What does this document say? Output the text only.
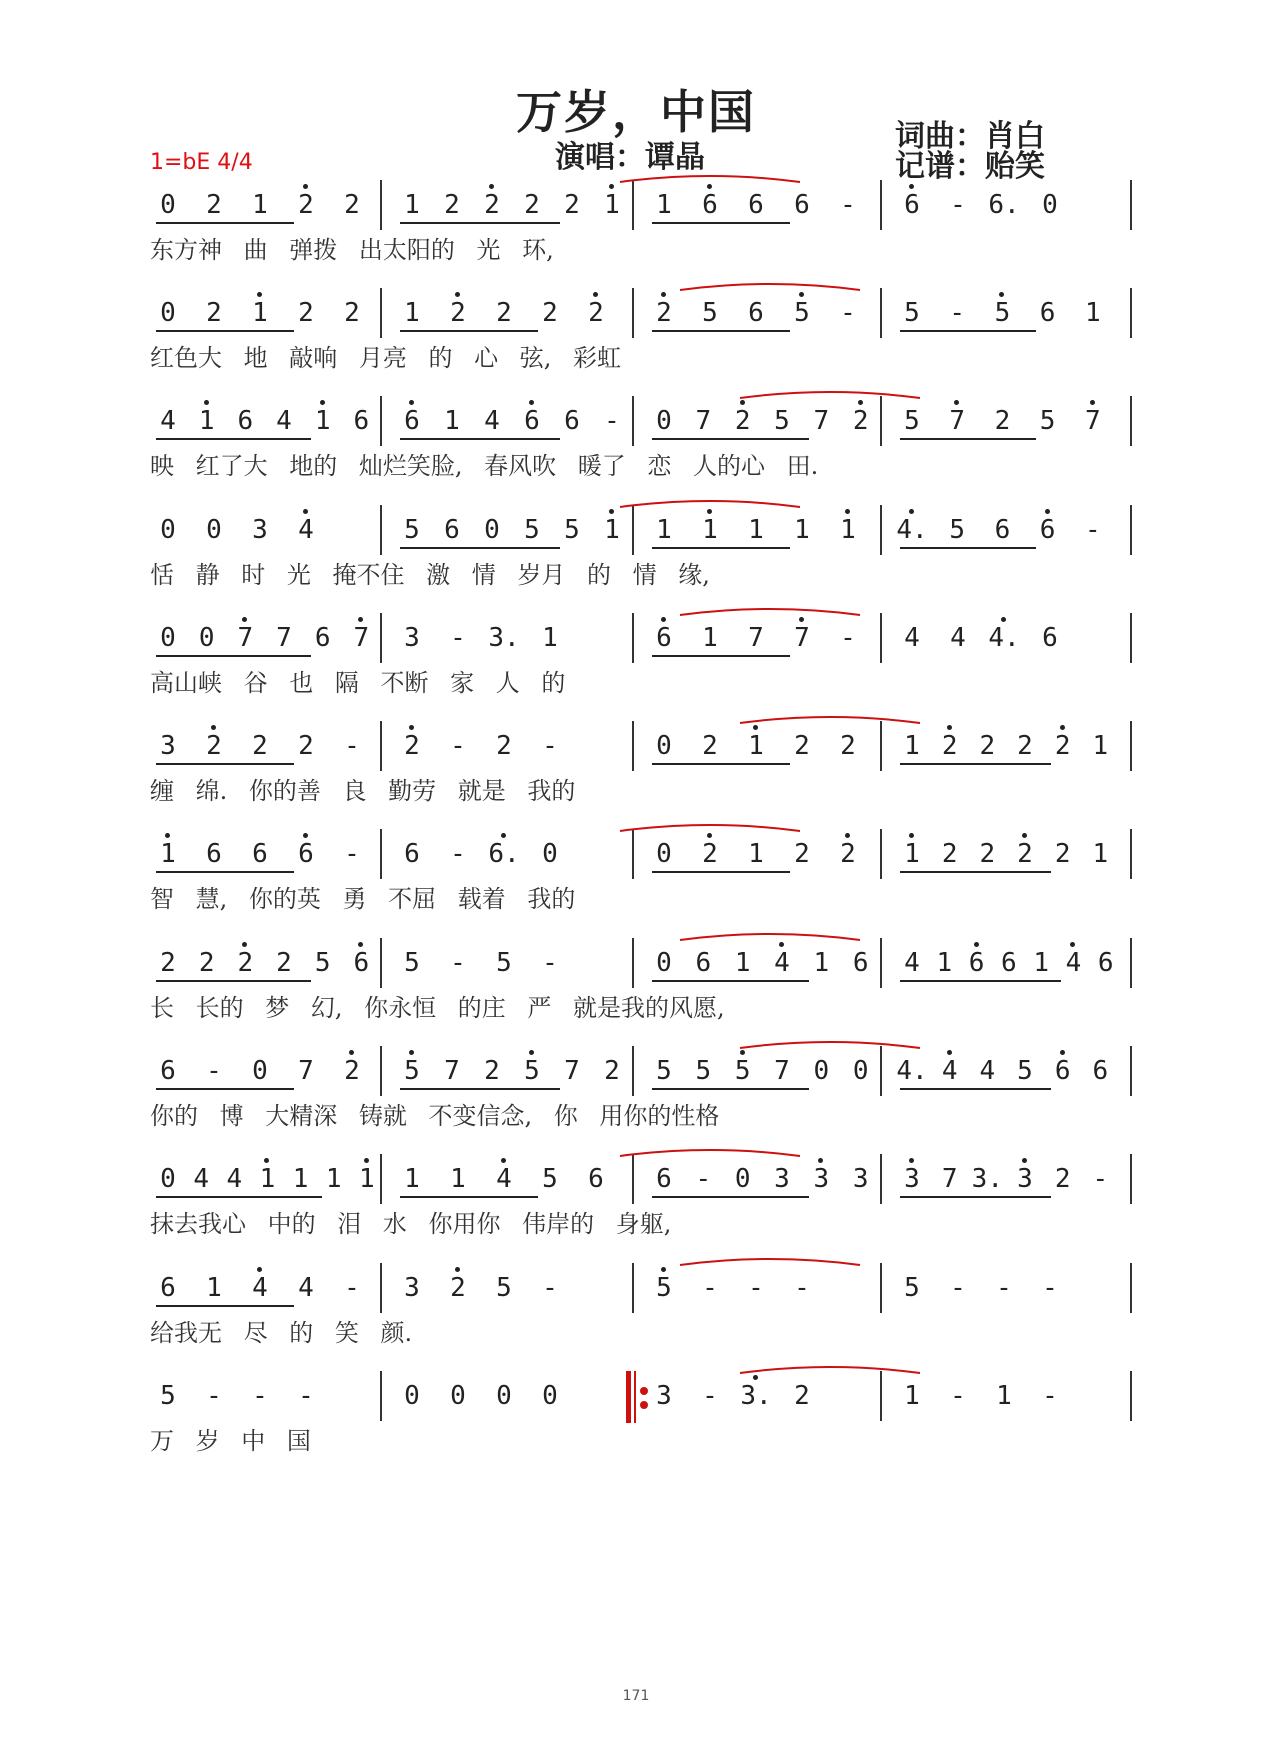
万岁，中国
演唱：谭晶
词曲：肖白
记谱：贻笑
1=bE 4/4
0	2	1	2	2	1 2 2 2 2 1	1	6	6	6	-	6	- 6. 0
东方神 曲 弹拨 出太阳的 光 环,
0	2	1	2	2	1	2	2	2	2	2	5	6	5	-	5	-	5	6	1
红色大 地 敲响 月亮 的 心 弦, 彩虹
4 1 6 4 1 6	6 1 4 6 6 -	0 7 2 5 7 2	5	7	2	5	7
映 红了大 地的 灿烂笑脸, 春风吹 暖了 恋 人的心 田.
0	0	3	4	5 6 0 5 5 1	1	1	1	1	1	4. 5	6	6	-
恬 静 时 光 掩不住 激 情 岁月 的 情 缘,
0 0 7 7 6 7	3	- 3. 1	6	1	7	7	-	4	4 4. 6
高山峡 谷 也 隔 不断 家 人 的
3	2	2	2	-	2	-	2	-	0	2	1	2	2	1 2 2 2 2 1
缠 绵. 你的善 良 勤劳 就是 我的
1	6	6	6	-	6	- 6. 0	0	2	1	2	2	1 2 2 2 2 1
智 慧, 你的英 勇 不屈 载着 我的
2 2 2 2 5 6	5	-	5	-	0 6 1 4 1 6	4 1 6 6 1 4 6
长 长的 梦 幻, 你永恒 的庄 严 就是我的风愿,
6	-	0	7	2	5 7 2 5 7 2	5 5 5 7 0 0	4. 4 4 5 6 6
你的 博 大精深 铸就 不变信念, 你 用你的性格
0 4 4 1 1 1 1	1	1	4	5	6	6 - 0 3 3 3	3 7 3. 3 2 -
抹去我心 中的 泪 水 你用你 伟岸的 身躯,
6	1	4	4	-	3	2	5	-	5	-	-	-	5	-	-	-
给我无 尽 的 笑 颜.
5	-	-	-	0	0	0	0	3	- 3. 2	1	-	1	-
万 岁 中 国
171
